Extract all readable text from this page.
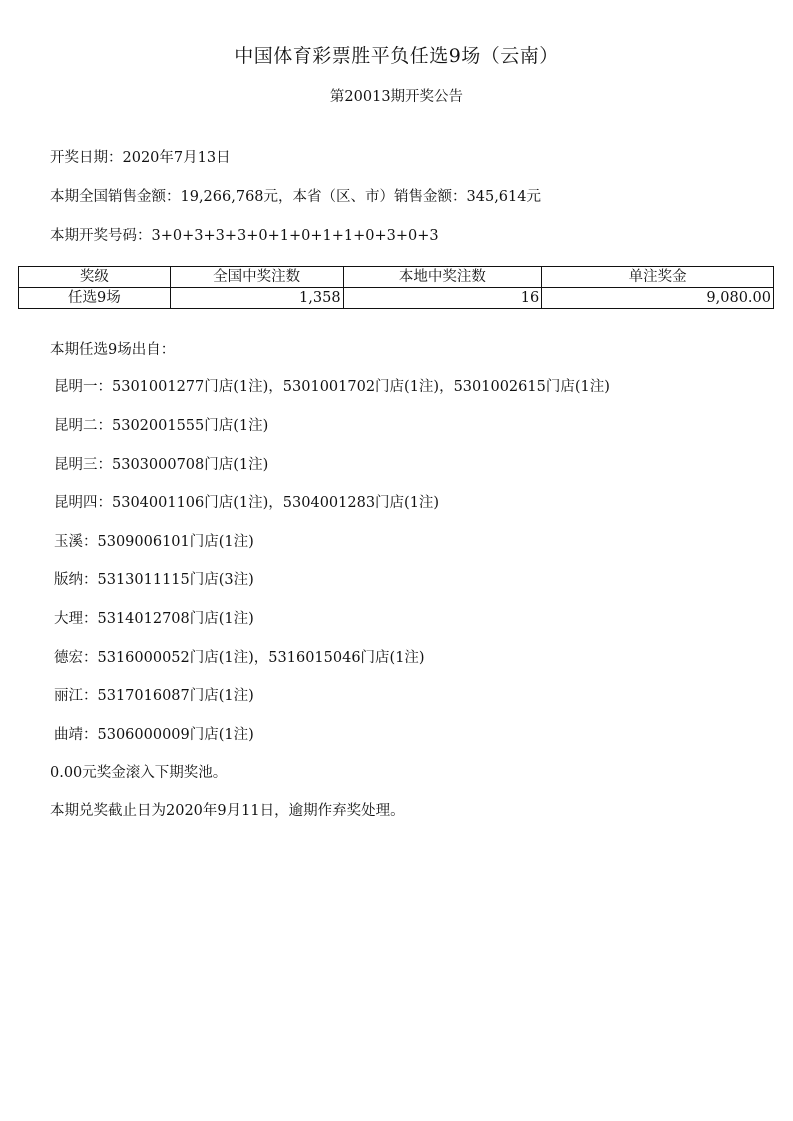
中国体育彩票胜平负任选9场（云南）
第20013期开奖公告
开奖日期：2020年7月13日
本期全国销售金额：19,266,768元，本省（区、市）销售金额：345,614元
本期开奖号码：3+0+3+3+3+0+1+0+1+1+0+3+0+3
奖级	全国中奖注数	本地中奖注数	单注奖金
任选9场	1,358	16	9,080.00
本期任选9场出自：
昆明一：5301001277门店(1注)，5301001702门店(1注)，5301002615门店(1注)
昆明二：5302001555门店(1注)
昆明三：5303000708门店(1注)
昆明四：5304001106门店(1注)，5304001283门店(1注)
玉溪：5309006101门店(1注)
版纳：5313011115门店(3注)
大理：5314012708门店(1注)
德宏：5316000052门店(1注)，5316015046门店(1注)
丽江：5317016087门店(1注)
曲靖：5306000009门店(1注)
0.00元奖金滚入下期奖池。
本期兑奖截止日为2020年9月11日，逾期作弃奖处理。
